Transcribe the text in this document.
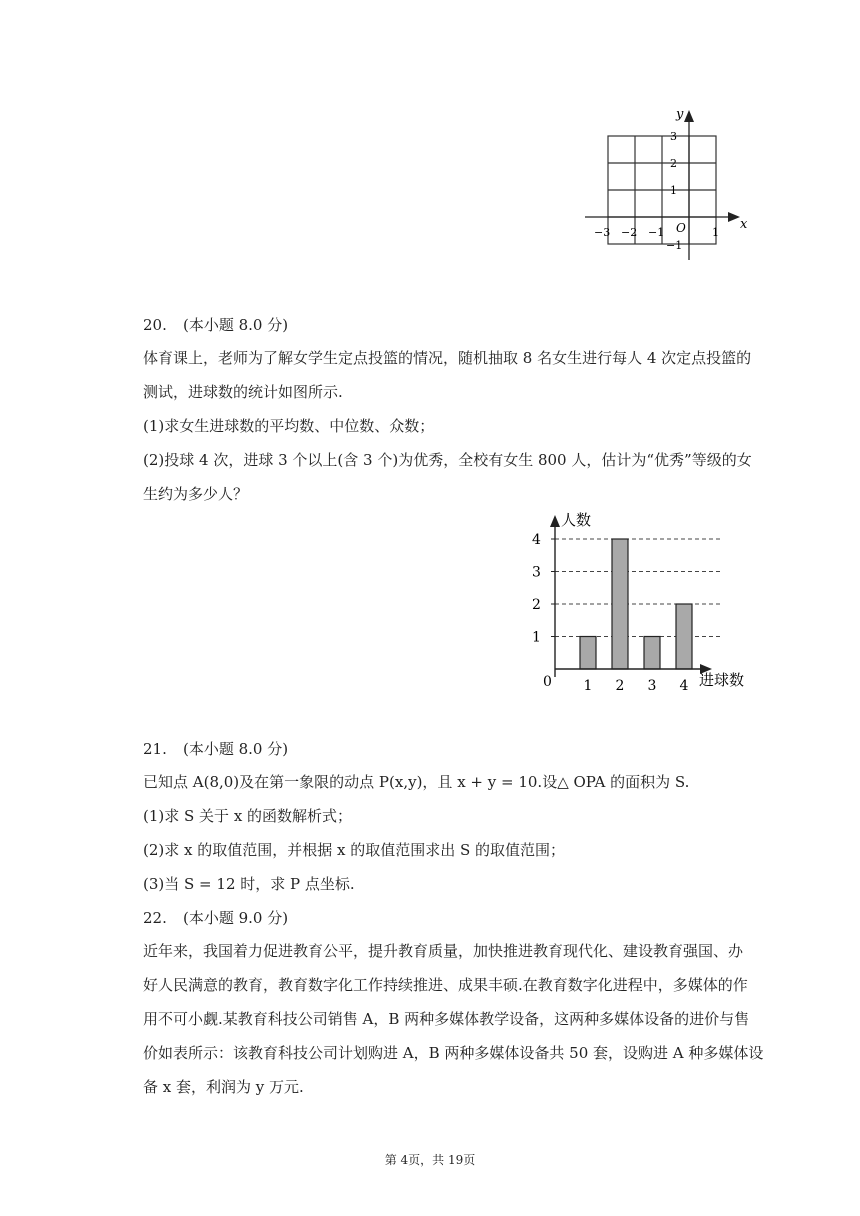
x
y
O
−3 −2 −1	1
3
2
1
−1
20. (本小题 8.0 分)
体育课上，老师为了解女学生定点投篮的情况，随机抽取 8 名女生进行每人 4 次定点投篮的
测试，进球数的统计如图所示.
(1)求女生进球数的平均数、中位数、众数；
(2)投球 4 次，进球 3 个以上(含 3 个)为优秀，全校有女生 800 人，估计为“优秀”等级的女
生约为多少人？
1
2
3
4
1 2 3 4
0
人数
进球数
21. (本小题 8.0 分)
已知点 A(8,0)及在第一象限的动点 P(x,y)，且 x + y = 10.设△ OPA 的面积为 S.
(1)求 S 关于 x 的函数解析式；
(2)求 x 的取值范围，并根据 x 的取值范围求出 S 的取值范围；
(3)当 S = 12 时，求 P 点坐标.
22. (本小题 9.0 分)
近年来，我国着力促进教育公平，提升教育质量，加快推进教育现代化、建设教育强国、办
好人民满意的教育，教育数字化工作持续推进、成果丰硕.在教育数字化进程中，多媒体的作
用不可小觑.某教育科技公司销售 A，B 两种多媒体教学设备，这两种多媒体设备的进价与售
价如表所示：该教育科技公司计划购进 A，B 两种多媒体设备共 50 套，设购进 A 种多媒体设
备 x 套，利润为 y 万元.
第 4页，共 19页
